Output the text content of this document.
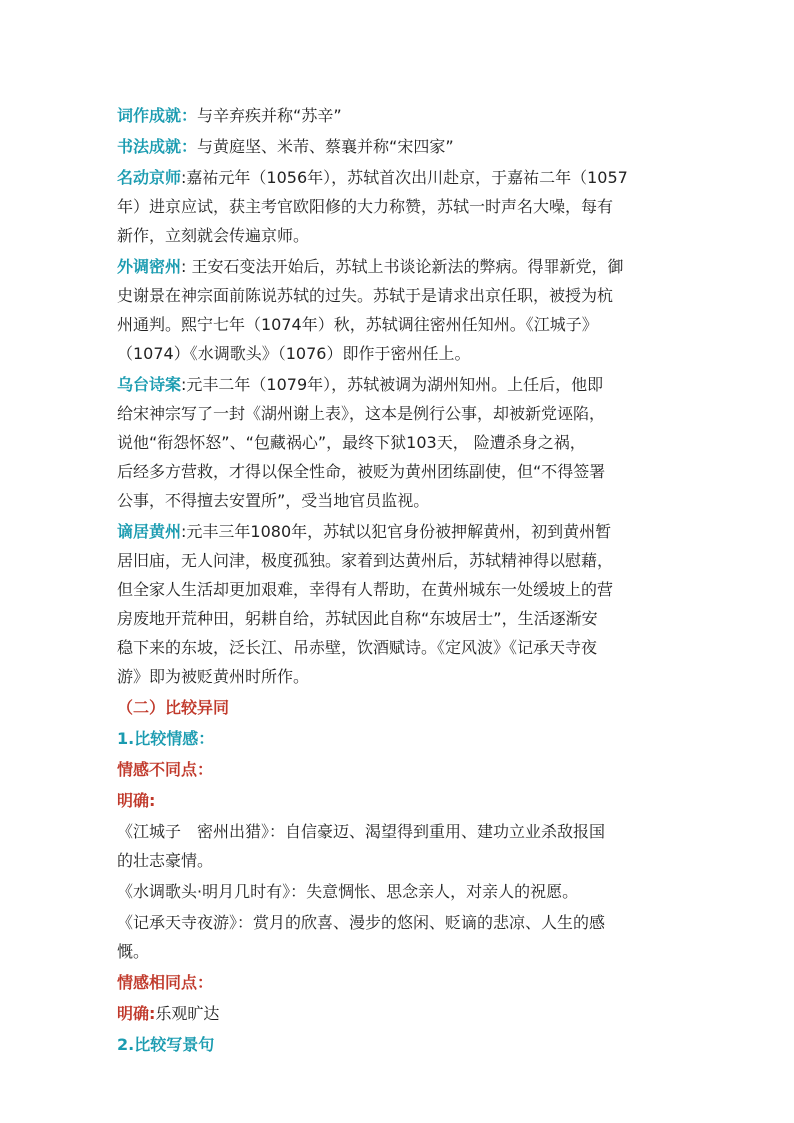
词作成就：与辛弃疾并称“苏辛”

书法成就：与黄庭坚、米芾、蔡襄并称“宋四家”

名动京师:嘉祐元年（1056年），苏轼首次出川赴京，于嘉祐二年（1057

年）进京应试，获主考官欧阳修的大力称赞，苏轼一时声名大噪，每有

新作，立刻就会传遍京师。

外调密州: 王安石变法开始后，苏轼上书谈论新法的弊病。得罪新党，御

史谢景在神宗面前陈说苏轼的过失。苏轼于是请求出京任职，被授为杭

州通判。熙宁七年（1074年）秋，苏轼调往密州任知州。《江城子》

（1074）《水调歌头》（1076）即作于密州任上。

乌台诗案:元丰二年（1079年），苏轼被调为湖州知州。上任后，他即

给宋神宗写了一封《湖州谢上表》，这本是例行公事，却被新党诬陷，

说他“衔怨怀怒”、“包藏祸心”，最终下狱103天， 险遭杀身之祸，

后经多方营救，才得以保全性命，被贬为黄州团练副使，但“不得签署

公事，不得擅去安置所”，受当地官员监视。

谪居黄州:元丰三年1080年，苏轼以犯官身份被押解黄州，初到黄州暂

居旧庙，无人问津，极度孤独。家着到达黄州后，苏轼精神得以慰藉，

但全家人生活却更加艰难，幸得有人帮助，在黄州城东一处缓坡上的营

房废地开荒种田，躬耕自给，苏轼因此自称“东坡居士”，生活逐渐安

稳下来的东坡，泛长江、吊赤壁，饮酒赋诗。《定风波》《记承天寺夜

游》即为被贬黄州时所作。

（二）比较异同

1.比较情感：

情感不同点：

明确:

《江城子　密州出猎》：自信豪迈、渴望得到重用、建功立业杀敌报国

的壮志豪情。

《水调歌头·明月几时有》：失意惆怅、思念亲人，对亲人的祝愿。

《记承天寺夜游》：赏月的欣喜、漫步的悠闲、贬谪的悲凉、人生的感

慨。

情感相同点：

明确:乐观旷达

2.比较写景句
